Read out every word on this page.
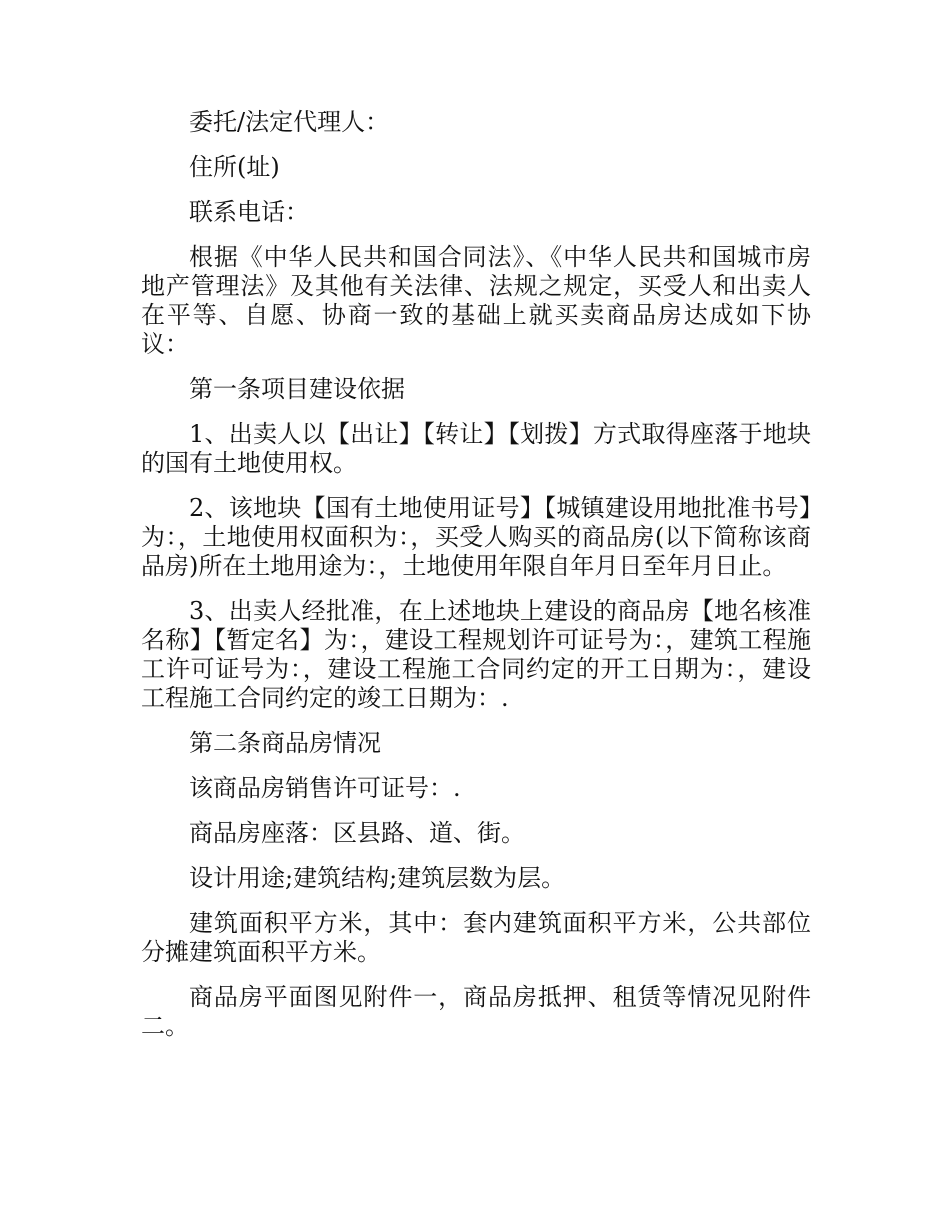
委托/法定代理人：

住所(址)

联系电话：

根据《中华人民共和国合同法》、《中华人民共和国城市房地产管理法》及其他有关法律、法规之规定，买受人和出卖人在平等、自愿、协商一致的基础上就买卖商品房达成如下协议：

第一条项目建设依据

1、出卖人以【出让】【转让】【划拨】方式取得座落于地块的国有土地使用权。

2、该地块【国有土地使用证号】【城镇建设用地批准书号】为：，土地使用权面积为：，买受人购买的商品房(以下简称该商品房)所在土地用途为：，土地使用年限自年月日至年月日止。

3、出卖人经批准，在上述地块上建设的商品房【地名核准名称】【暂定名】为：，建设工程规划许可证号为：，建筑工程施工许可证号为：，建设工程施工合同约定的开工日期为：，建设工程施工合同约定的竣工日期为：.

第二条商品房情况

该商品房销售许可证号：.

商品房座落：区县路、道、街。

设计用途;建筑结构;建筑层数为层。

建筑面积平方米，其中：套内建筑面积平方米，公共部位分摊建筑面积平方米。

商品房平面图见附件一，商品房抵押、租赁等情况见附件二。
